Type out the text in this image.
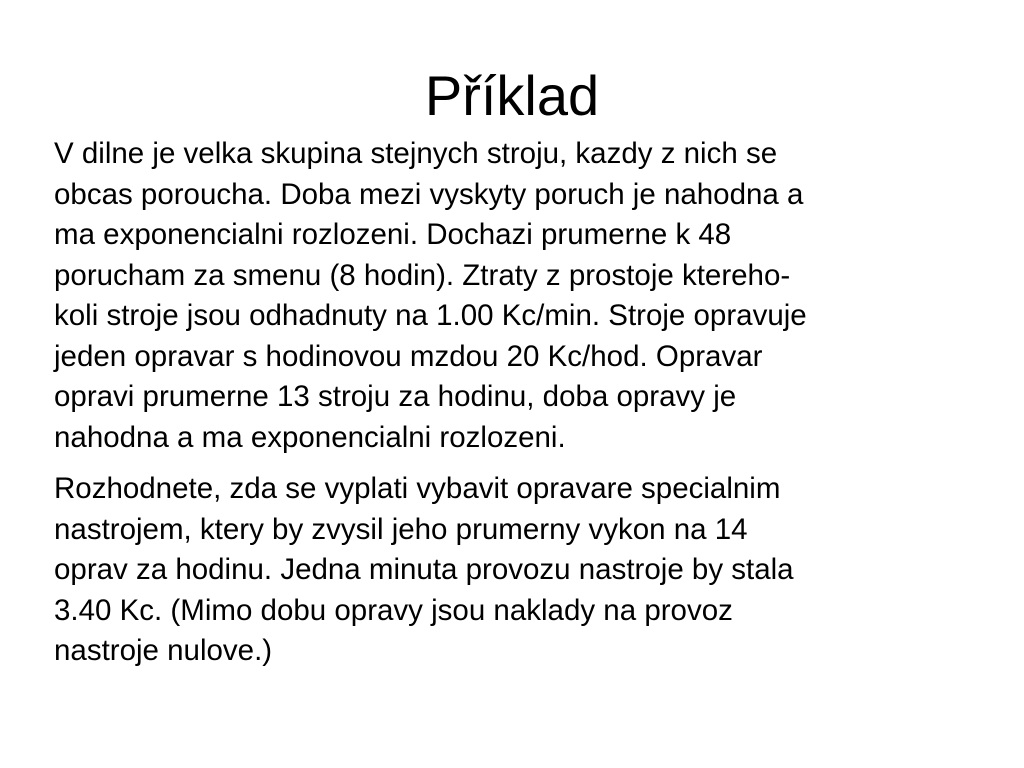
Příklad

V dilne je velka skupina stejnych stroju, kazdy z nich se
obcas porouchа. Doba mezi vyskyty poruch je nahodna a
ma exponencialni rozlozeni. Dochazi prumerne k 48
porucham za smenu (8 hodin). Ztraty z prostoje ktereho-
koli stroje jsou odhadnuty na 1.00 Kc/min. Stroje opravuje
jeden opravar s hodinovou mzdou 20 Kc/hod. Opravar
opravi prumerne 13 stroju za hodinu, doba opravy je
nahodna a ma exponencialni rozlozeni.

Rozhodnete, zda se vyplati vybavit opravare specialnim
nastrojem, ktery by zvysil jeho prumerny vykon na 14
oprav za hodinu. Jedna minuta provozu nastroje by stala
3.40 Kc. (Mimo dobu opravy jsou naklady na provoz
nastroje nulove.)
